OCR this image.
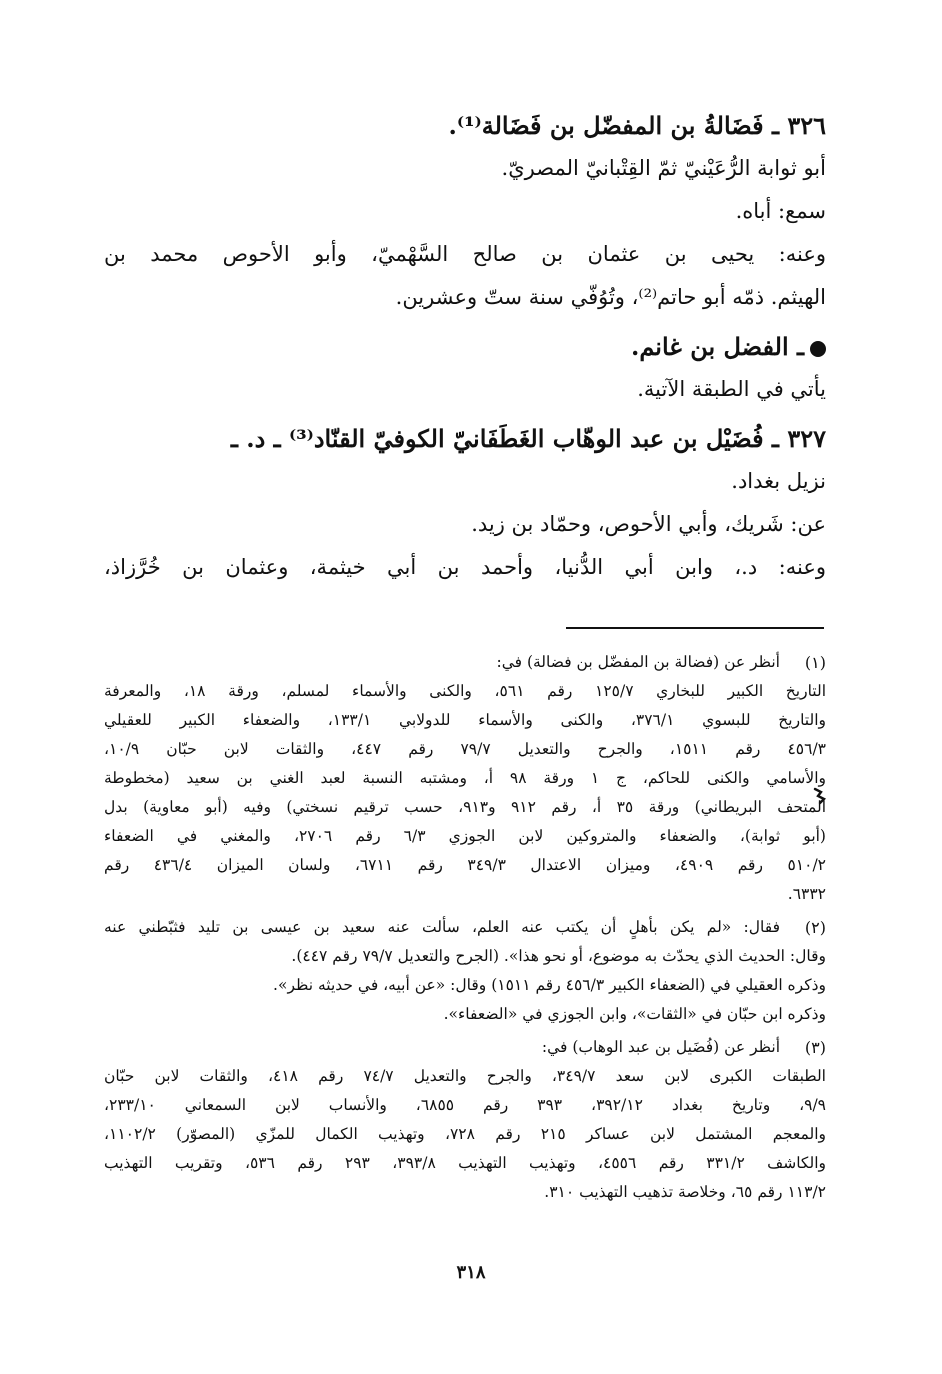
٣٢٦ ـ فَضَالةُ بن المفضّل بن فَضَالة⁽¹⁾.
أبو ثوابة الرُّعَيْنيّ ثمّ القِتْبانيّ المصريّ.
سمع: أباه.
وعنه: يحيى بن عثمان بن صالح السَّهْميّ، وأبو الأحوص محمد بن
الهيثم. ذمّه أبو حاتم⁽²⁾، وتُوُفّي سنة ستّ وعشرين.
ـ الفضل بن غانم.
يأتي في الطبقة الآتية.
٣٢٧ ـ فُضَيْل بن عبد الوهّاب الغَطَفَانيّ الكوفيّ القنّاد⁽³⁾ ـ د. ـ
نزيل بغداد.
عن: شَريك، وأبي الأحوص، وحمّاد بن زيد.
وعنه: د.، وابن أبي الدُّنيا، وأحمد بن أبي خيثمة، وعثمان بن خُرَّزاذ،
(١)
أنظر عن (فضالة بن المفضّل بن فضالة) في:
التاريخ الكبير للبخاري ١٢٥/٧ رقم ٥٦١، والكنى والأسماء لمسلم، ورقة ١٨، والمعرفة
والتاريخ للبسوي ٣٧٦/١، والكنى والأسماء للدولابي ١٣٣/١، والضعفاء الكبير للعقيلي
٤٥٦/٣ رقم ١٥١١، والجرح والتعديل ٧٩/٧ رقم ٤٤٧، والثقات لابن حبّان ١٠/٩،
والأسامي والكنى للحاكم، ج ١ ورقة ٩٨ أ، ومشتبه النسبة لعبد الغني بن سعيد (مخطوطة
المتحف البريطاني) ورقة ٣٥ أ، رقم ٩١٢ و٩١٣، حسب ترقيم نسختي) وفيه (أبو معاوية) بدل
(أبو ثوابة)، والضعفاء والمتروكين لابن الجوزي ٦/٣ رقم ٢٧٠٦، والمغني في الضعفاء
٥١٠/٢ رقم ٤٩٠٩، وميزان الاعتدال ٣٤٩/٣ رقم ٦٧١١، ولسان الميزان ٤٣٦/٤ رقم
٦٣٣٢.
(٢)
فقال: «لم يكن بأهلٍ أن يكتب عنه العلم، سألت عنه سعيد بن عيسى بن تليد فثبّطني عنه
وقال: الحديث الذي يحدّث به موضوع، أو نحو هذا». (الجرح والتعديل ٧٩/٧ رقم ٤٤٧).
وذكره العقيلي في (الضعفاء الكبير ٤٥٦/٣ رقم ١٥١١) وقال: «عن أبيه، في حديثه نظر».
وذكره ابن حبّان في «الثقات»، وابن الجوزي في «الضعفاء».
(٣)
أنظر عن (فُضَيل بن عبد الوهاب) في:
الطبقات الكبرى لابن سعد ٣٤٩/٧، والجرح والتعديل ٧٤/٧ رقم ٤١٨، والثقات لابن حبّان
٩/٩، وتاريخ بغداد ٣٩٢/١٢، ٣٩٣ رقم ٦٨٥٥، والأنساب لابن السمعاني ٢٣٣/١٠،
والمعجم المشتمل لابن عساكر ٢١٥ رقم ٧٢٨، وتهذيب الكمال للمزّي (المصوّر) ١١٠٢/٢،
والكاشف ٣٣١/٢ رقم ٤٥٥٦، وتهذيب التهذيب ٣٩٣/٨، ٢٩٣ رقم ٥٣٦، وتقريب التهذيب
١١٣/٢ رقم ٦٥، وخلاصة تذهيب التهذيب ٣١٠.
٣١٨
